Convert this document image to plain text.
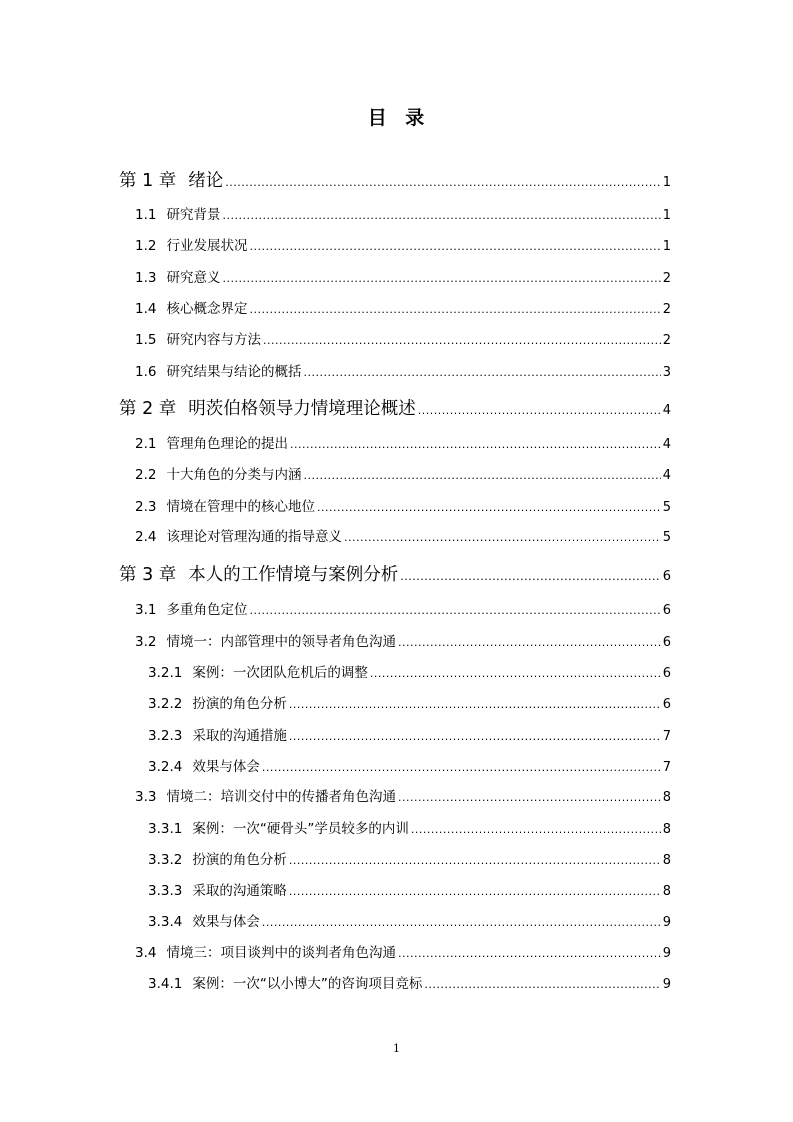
目 录
第 1 章 绪论 .....	1
1.1 研究背景 .....	1
1.2 行业发展状况 .....	1
1.3 研究意义 .....	2
1.4 核心概念界定 .....	2
1.5 研究内容与方法 .....	2
1.6 研究结果与结论的概括 .....	3
第 2 章 明茨伯格领导力情境理论概述 .....	4
2.1 管理角色理论的提出 .....	4
2.2 十大角色的分类与内涵 .....	4
2.3 情境在管理中的核心地位 .....	5
2.4 该理论对管理沟通的指导意义 .....	5
第 3 章 本人的工作情境与案例分析 .....	6
3.1 多重角色定位 .....	6
3.2 情境一：内部管理中的领导者角色沟通 .....	6
3.2.1 案例：一次团队危机后的调整 .....	6
3.2.2 扮演的角色分析 .....	6
3.2.3 采取的沟通措施 .....	7
3.2.4 效果与体会 .....	7
3.3 情境二：培训交付中的传播者角色沟通 .....	8
3.3.1 案例：一次“硬骨头”学员较多的内训 .....	8
3.3.2 扮演的角色分析 .....	8
3.3.3 采取的沟通策略 .....	8
3.3.4 效果与体会 .....	9
3.4 情境三：项目谈判中的谈判者角色沟通 .....	9
3.4.1 案例：一次“以小博大”的咨询项目竞标 .....	9
1
